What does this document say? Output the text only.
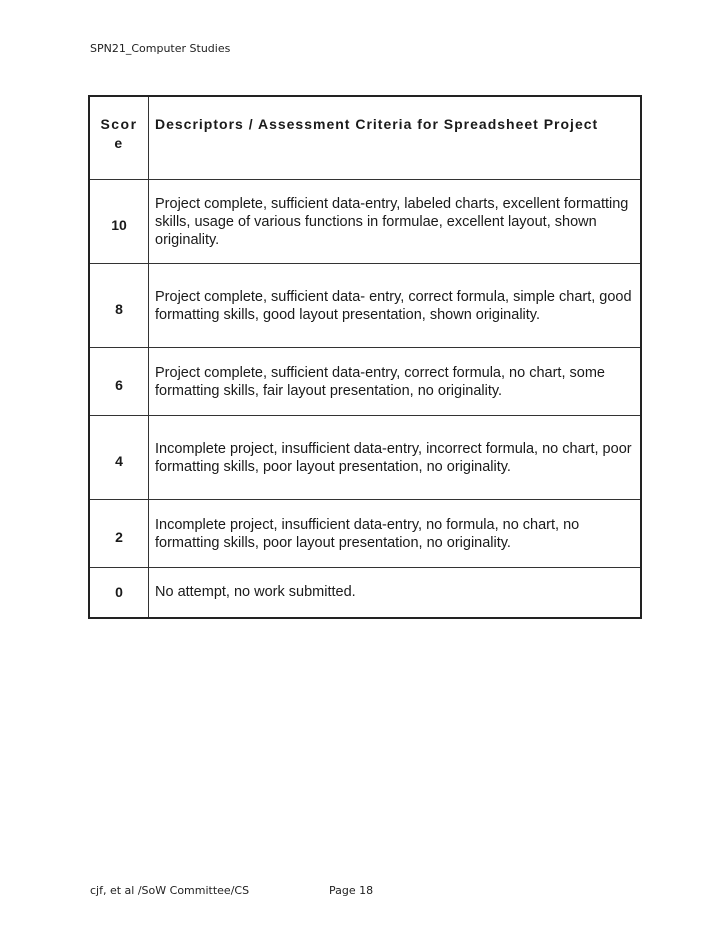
SPN21_Computer Studies
Score	Descriptors / Assessment Criteria for Spreadsheet Project
10	Project complete, sufficient data-entry, labeled charts, excellent formatting skills, usage of various functions in formulae, excellent layout, shown originality.
8	Project complete, sufficient data- entry, correct formula, simple chart, good formatting skills, good layout presentation, shown originality.
6	Project complete, sufficient data-entry, correct formula, no chart, some formatting skills, fair layout presentation, no originality.
4	Incomplete project, insufficient data-entry, incorrect formula, no chart, poor formatting skills, poor layout presentation, no originality.
2	Incomplete project, insufficient data-entry, no formula, no chart, no formatting skills, poor layout presentation, no originality.
0	No attempt, no work submitted.
cjf, et al /SoW Committee/CS	Page 18
